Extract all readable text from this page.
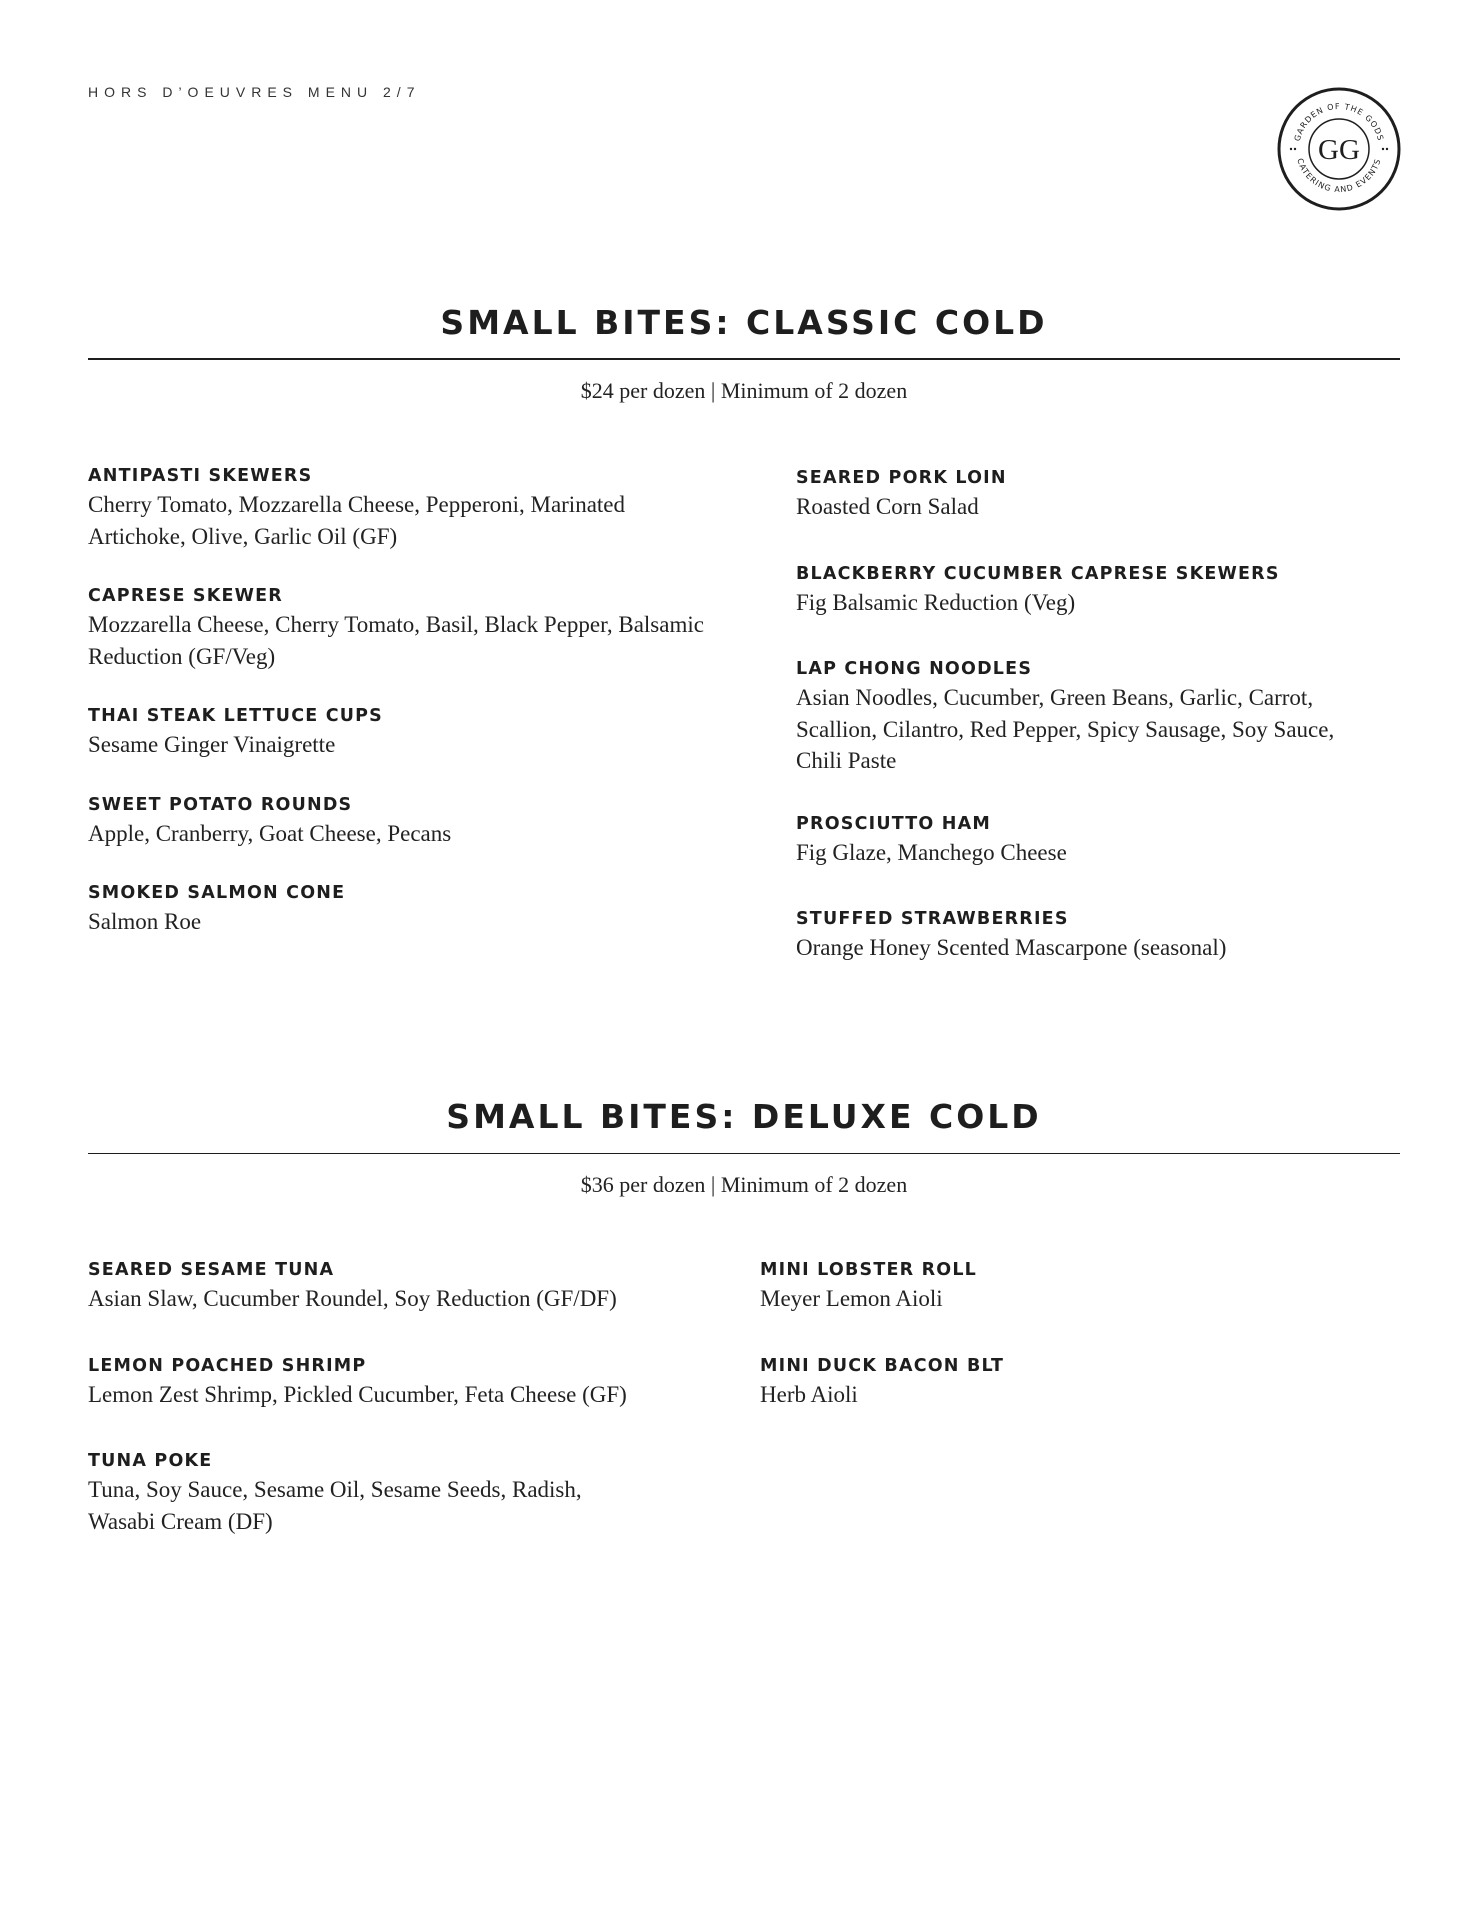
HORS D’OEUVRES MENU 2/7
GARDEN OF THE GODS
CATERING AND EVENTS
GG
SMALL BITES: CLASSIC COLD
$24 per dozen | Minimum of 2 dozen
ANTIPASTI SKEWERS
Cherry Tomato, Mozzarella Cheese, Pepperoni, Marinated Artichoke, Olive, Garlic Oil (GF)
CAPRESE SKEWER
Mozzarella Cheese, Cherry Tomato, Basil, Black Pepper, Balsamic Reduction (GF/Veg)
THAI STEAK LETTUCE CUPS
Sesame Ginger Vinaigrette
SWEET POTATO ROUNDS
Apple, Cranberry, Goat Cheese, Pecans
SMOKED SALMON CONE
Salmon Roe
SEARED PORK LOIN
Roasted Corn Salad
BLACKBERRY CUCUMBER CAPRESE SKEWERS
Fig Balsamic Reduction (Veg)
LAP CHONG NOODLES
Asian Noodles, Cucumber, Green Beans, Garlic, Carrot, Scallion, Cilantro, Red Pepper, Spicy Sausage, Soy Sauce, Chili Paste
PROSCIUTTO HAM
Fig Glaze, Manchego Cheese
STUFFED STRAWBERRIES
Orange Honey Scented Mascarpone (seasonal)
SMALL BITES: DELUXE COLD
$36 per dozen | Minimum of 2 dozen
SEARED SESAME TUNA
Asian Slaw, Cucumber Roundel, Soy Reduction (GF/DF)
LEMON POACHED SHRIMP
Lemon Zest Shrimp, Pickled Cucumber, Feta Cheese (GF)
TUNA POKE
Tuna, Soy Sauce, Sesame Oil, Sesame Seeds, Radish, Wasabi Cream (DF)
MINI LOBSTER ROLL
Meyer Lemon Aioli
MINI DUCK BACON BLT
Herb Aioli
